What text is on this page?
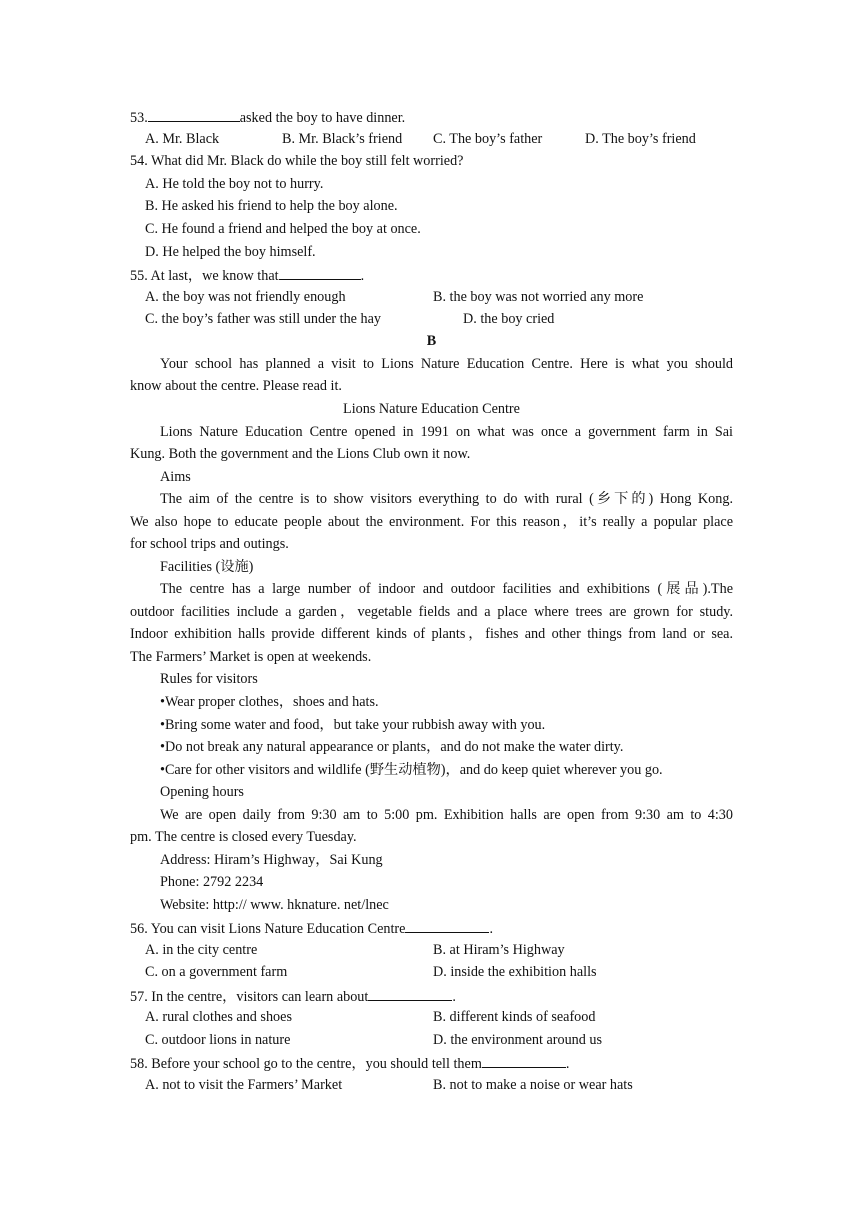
53.	asked the boy to have dinner.
A. Mr. Black	B. Mr. Black’s friend C. The boy’s father	D. The boy’s friend
54. What did Mr. Black do while the boy still felt worried?
A. He told the boy not to hurry.
B. He asked his friend to help the boy alone.
C. He found a friend and helped the boy at once.
D. He helped the boy himself.
55. At last，we know that	.
A. the boy was not friendly enough	B. the boy was not worried any more
C. the boy’s father was still under the hay	D. the boy cried
B
Your school has planned a visit to Lions Nature Education Centre. Here is what you should
know about the centre. Please read it.
Lions Nature Education Centre
Lions Nature Education Centre opened in 1991 on what was once a government farm in Sai
Kung. Both the government and the Lions Club own it now.
Aims
The aim of the centre is to show visitors everything to do with rural (乡下的) Hong Kong.
We also hope to educate people about the environment. For this reason，it’s really a popular place
for school trips and outings.
Facilities (设施)
The centre has a large number of indoor and outdoor facilities and exhibitions (展品).The
outdoor facilities include a garden，vegetable fields and a place where trees are grown for study.
Indoor exhibition halls provide different kinds of plants，fishes and other things from land or sea.
The Farmers’ Market is open at weekends.
Rules for visitors
•Wear proper clothes，shoes and hats.
•Bring some water and food，but take your rubbish away with you.
•Do not break any natural appearance or plants，and do not make the water dirty.
•Care for other visitors and wildlife (野生动植物)，and do keep quiet wherever you go.
Opening hours
We are open daily from 9:30 am to 5:00 pm. Exhibition halls are open from 9:30 am to 4:30
pm. The centre is closed every Tuesday.
Address: Hiram’s Highway，Sai Kung
Phone: 2792 2234
Website: http:// www. hknature. net/lnec
56. You can visit Lions Nature Education Centre	.
A. in the city centre	B. at Hiram’s Highway
C. on a government farm	D. inside the exhibition halls
57. In the centre，visitors can learn about	.
A. rural clothes and shoes	B. different kinds of seafood
C. outdoor lions in nature	D. the environment around us
58. Before your school go to the centre，you should tell them	.
A. not to visit the Farmers’ Market	B. not to make a noise or wear hats
